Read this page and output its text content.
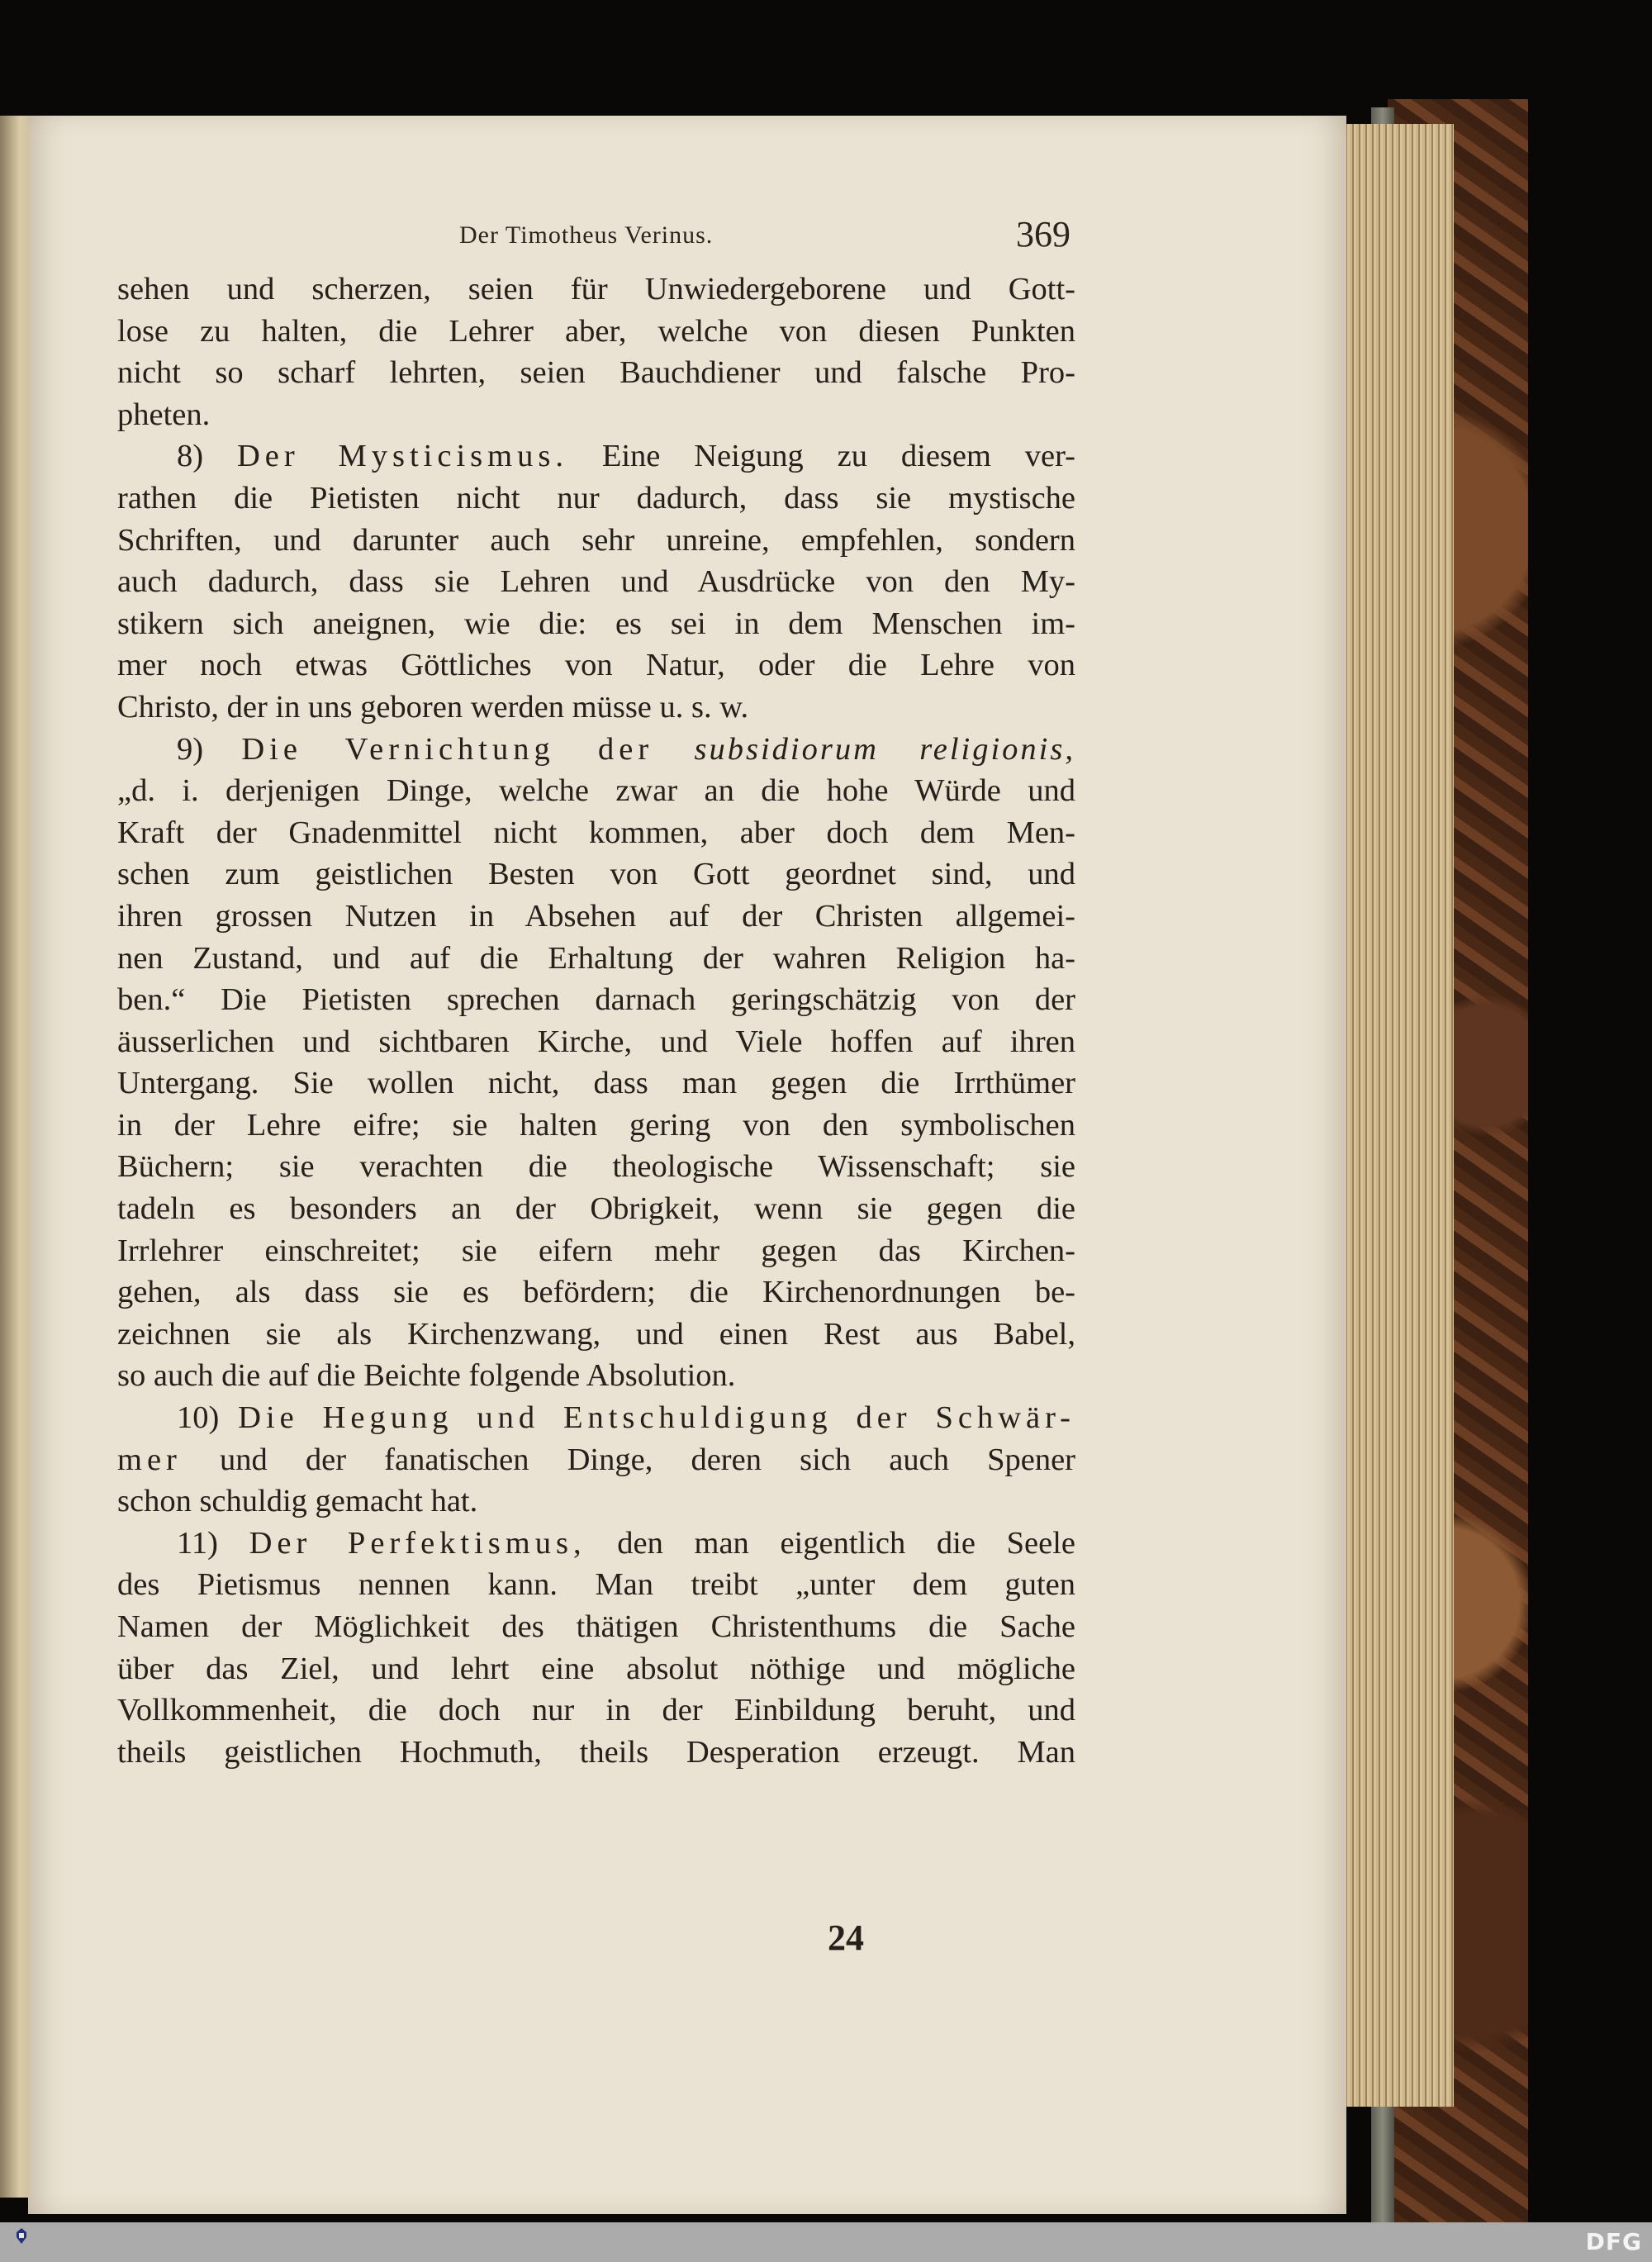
Der Timotheus Verinus.	369
sehen und scherzen, seien für Unwiedergeborene und Gott-
lose zu halten, die Lehrer aber, welche von diesen Punkten
nicht so scharf lehrten, seien Bauchdiener und falsche Pro-
pheten.
8) Der Mysticismus. Eine Neigung zu diesem ver-
rathen die Pietisten nicht nur dadurch, dass sie mystische
Schriften, und darunter auch sehr unreine, empfehlen, sondern
auch dadurch, dass sie Lehren und Ausdrücke von den My-
stikern sich aneignen, wie die: es sei in dem Menschen im-
mer noch etwas Göttliches von Natur, oder die Lehre von
Christo, der in uns geboren werden müsse u. s. w.
9) Die Vernichtung der subsidiorum religionis,
„d. i. derjenigen Dinge, welche zwar an die hohe Würde und
Kraft der Gnadenmittel nicht kommen, aber doch dem Men-
schen zum geistlichen Besten von Gott geordnet sind, und
ihren grossen Nutzen in Absehen auf der Christen allgemei-
nen Zustand, und auf die Erhaltung der wahren Religion ha-
ben.“ Die Pietisten sprechen darnach geringschätzig von der
äusserlichen und sichtbaren Kirche, und Viele hoffen auf ihren
Untergang. Sie wollen nicht, dass man gegen die Irrthümer
in der Lehre eifre; sie halten gering von den symbolischen
Büchern; sie verachten die theologische Wissenschaft; sie
tadeln es besonders an der Obrigkeit, wenn sie gegen die
Irrlehrer einschreitet; sie eifern mehr gegen das Kirchen-
gehen, als dass sie es befördern; die Kirchenordnungen be-
zeichnen sie als Kirchenzwang, und einen Rest aus Babel,
so auch die auf die Beichte folgende Absolution.
10) Die Hegung und Entschuldigung der Schwär-
mer und der fanatischen Dinge, deren sich auch Spener
schon schuldig gemacht hat.
11) Der Perfektismus, den man eigentlich die Seele
des Pietismus nennen kann. Man treibt „unter dem guten
Namen der Möglichkeit des thätigen Christenthums die Sache
über das Ziel, und lehrt eine absolut nöthige und mögliche
Vollkommenheit, die doch nur in der Einbildung beruht, und
theils geistlichen Hochmuth, theils Desperation erzeugt. Man
24
DFG
